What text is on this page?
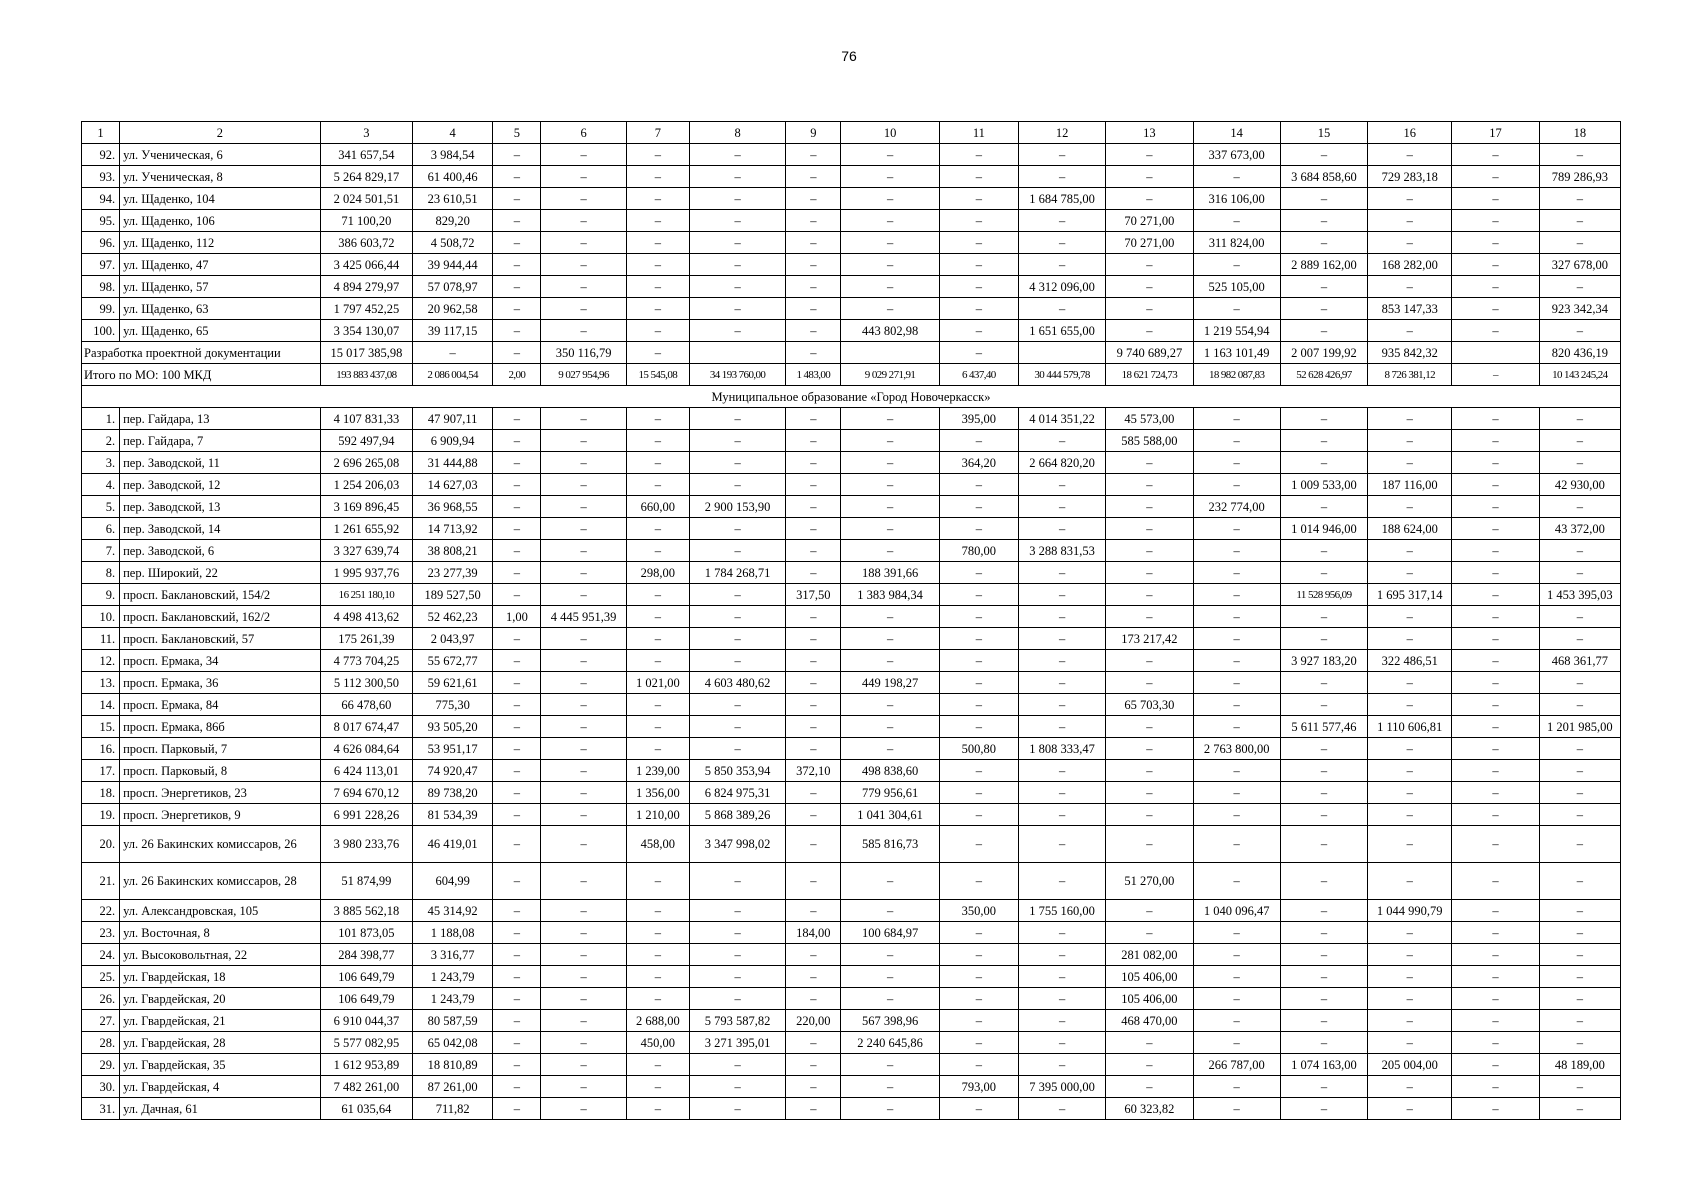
76
1	2	3	4	5	6	7	8	9	10	11	12	13	14	15	16	17	18
92.	ул. Ученическая, 6	341 657,54	3 984,54	–	–	–	–	–	–	–	–	–	337 673,00	–	–	–	–
93.	ул. Ученическая, 8	5 264 829,17	61 400,46	–	–	–	–	–	–	–	–	–	–	3 684 858,60	729 283,18	–	789 286,93
94.	ул. Щаденко, 104	2 024 501,51	23 610,51	–	–	–	–	–	–	–	1 684 785,00	–	316 106,00	–	–	–	–
95.	ул. Щаденко, 106	71 100,20	829,20	–	–	–	–	–	–	–	–	70 271,00	–	–	–	–	–
96.	ул. Щаденко, 112	386 603,72	4 508,72	–	–	–	–	–	–	–	–	70 271,00	311 824,00	–	–	–	–
97.	ул. Щаденко, 47	3 425 066,44	39 944,44	–	–	–	–	–	–	–	–	–	–	2 889 162,00	168 282,00	–	327 678,00
98.	ул. Щаденко, 57	4 894 279,97	57 078,97	–	–	–	–	–	–	–	4 312 096,00	–	525 105,00	–	–	–	–
99.	ул. Щаденко, 63	1 797 452,25	20 962,58	–	–	–	–	–	–	–	–	–	–	–	853 147,33	–	923 342,34
100.	ул. Щаденко, 65	3 354 130,07	39 117,15	–	–	–	–	–	443 802,98	–	1 651 655,00	–	1 219 554,94	–	–	–	–
Разработка проектной документации		15 017 385,98	–	–	350 116,79	–		–		–		9 740 689,27	1 163 101,49	2 007 199,92	935 842,32		820 436,19
Итого по МО: 100 МКД		193 883 437,08	2 086 004,54	2,00	9 027 954,96	15 545,08	34 193 760,00	1 483,00	9 029 271,91	6 437,40	30 444 579,78	18 621 724,73	18 982 087,83	52 628 426,97	8 726 381,12	–	10 143 245,24
Муниципальное образование «Город Новочеркасск»																	
1.	пер. Гайдара, 13	4 107 831,33	47 907,11	–	–	–	–	–	–	395,00	4 014 351,22	45 573,00	–	–	–	–	–
2.	пер. Гайдара, 7	592 497,94	6 909,94	–	–	–	–	–	–	–	–	585 588,00	–	–	–	–	–
3.	пер. Заводской, 11	2 696 265,08	31 444,88	–	–	–	–	–	–	364,20	2 664 820,20	–	–	–	–	–	–
4.	пер. Заводской, 12	1 254 206,03	14 627,03	–	–	–	–	–	–	–	–	–	–	1 009 533,00	187 116,00	–	42 930,00
5.	пер. Заводской, 13	3 169 896,45	36 968,55	–	–	660,00	2 900 153,90	–	–	–	–	–	232 774,00	–	–	–	–
6.	пер. Заводской, 14	1 261 655,92	14 713,92	–	–	–	–	–	–	–	–	–	–	1 014 946,00	188 624,00	–	43 372,00
7.	пер. Заводской, 6	3 327 639,74	38 808,21	–	–	–	–	–	–	780,00	3 288 831,53	–	–	–	–	–	–
8.	пер. Широкий, 22	1 995 937,76	23 277,39	–	–	298,00	1 784 268,71	–	188 391,66	–	–	–	–	–	–	–	–
9.	просп. Баклановский, 154/2	16 251 180,10	189 527,50	–	–	–	–	317,50	1 383 984,34	–	–	–	–	11 528 956,09	1 695 317,14	–	1 453 395,03
10.	просп. Баклановский, 162/2	4 498 413,62	52 462,23	1,00	4 445 951,39	–	–	–	–	–	–	–	–	–	–	–	–
11.	просп. Баклановский, 57	175 261,39	2 043,97	–	–	–	–	–	–	–	–	173 217,42	–	–	–	–	–
12.	просп. Ермака, 34	4 773 704,25	55 672,77	–	–	–	–	–	–	–	–	–	–	3 927 183,20	322 486,51	–	468 361,77
13.	просп. Ермака, 36	5 112 300,50	59 621,61	–	–	1 021,00	4 603 480,62	–	449 198,27	–	–	–	–	–	–	–	–
14.	просп. Ермака, 84	66 478,60	775,30	–	–	–	–	–	–	–	–	65 703,30	–	–	–	–	–
15.	просп. Ермака, 86б	8 017 674,47	93 505,20	–	–	–	–	–	–	–	–	–	–	5 611 577,46	1 110 606,81	–	1 201 985,00
16.	просп. Парковый, 7	4 626 084,64	53 951,17	–	–	–	–	–	–	500,80	1 808 333,47	–	2 763 800,00	–	–	–	–
17.	просп. Парковый, 8	6 424 113,01	74 920,47	–	–	1 239,00	5 850 353,94	372,10	498 838,60	–	–	–	–	–	–	–	–
18.	просп. Энергетиков, 23	7 694 670,12	89 738,20	–	–	1 356,00	6 824 975,31	–	779 956,61	–	–	–	–	–	–	–	–
19.	просп. Энергетиков, 9	6 991 228,26	81 534,39	–	–	1 210,00	5 868 389,26	–	1 041 304,61	–	–	–	–	–	–	–	–
20.	ул. 26 Бакинских комиссаров, 26	3 980 233,76	46 419,01	–	–	458,00	3 347 998,02	–	585 816,73	–	–	–	–	–	–	–	–
21.	ул. 26 Бакинских комиссаров, 28	51 874,99	604,99	–	–	–	–	–	–	–	–	51 270,00	–	–	–	–	–
22.	ул. Александровская, 105	3 885 562,18	45 314,92	–	–	–	–	–	–	350,00	1 755 160,00	–	1 040 096,47	–	1 044 990,79	–	–
23.	ул. Восточная, 8	101 873,05	1 188,08	–	–	–	–	184,00	100 684,97	–	–	–	–	–	–	–	–
24.	ул. Высоковольтная, 22	284 398,77	3 316,77	–	–	–	–	–	–	–	–	281 082,00	–	–	–	–	–
25.	ул. Гвардейская, 18	106 649,79	1 243,79	–	–	–	–	–	–	–	–	105 406,00	–	–	–	–	–
26.	ул. Гвардейская, 20	106 649,79	1 243,79	–	–	–	–	–	–	–	–	105 406,00	–	–	–	–	–
27.	ул. Гвардейская, 21	6 910 044,37	80 587,59	–	–	2 688,00	5 793 587,82	220,00	567 398,96	–	–	468 470,00	–	–	–	–	–
28.	ул. Гвардейская, 28	5 577 082,95	65 042,08	–	–	450,00	3 271 395,01	–	2 240 645,86	–	–	–	–	–	–	–	–
29.	ул. Гвардейская, 35	1 612 953,89	18 810,89	–	–	–	–	–	–	–	–	–	266 787,00	1 074 163,00	205 004,00	–	48 189,00
30.	ул. Гвардейская, 4	7 482 261,00	87 261,00	–	–	–	–	–	–	793,00	7 395 000,00	–	–	–	–	–	–
31.	ул. Дачная, 61	61 035,64	711,82	–	–	–	–	–	–	–	–	60 323,82	–	–	–	–	–
